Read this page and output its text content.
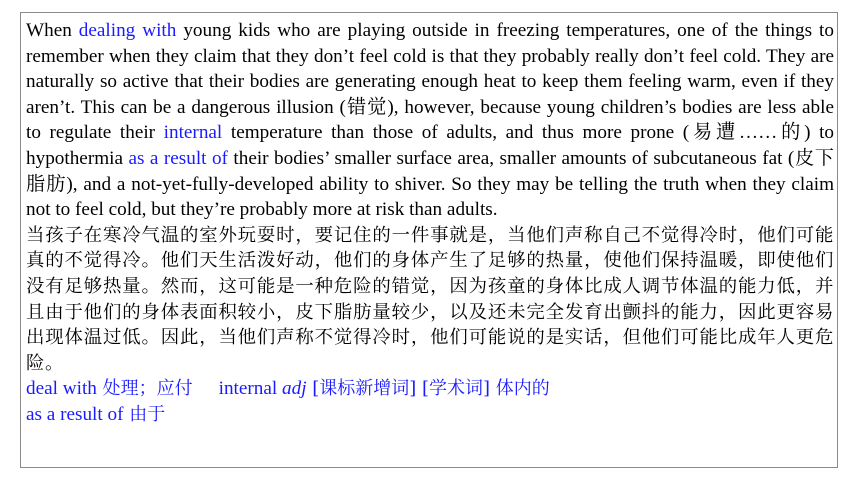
When dealing with young kids who are playing outside in freezing temperatures, one of the things to remember when they claim that they don’t feel cold is that they probably really don’t feel cold. They are naturally so active that their bodies are generating enough heat to keep them feeling warm, even if they aren’t. This can be a dangerous illusion (错觉), however, because young children’s bodies are less able to regulate their internal temperature than those of adults, and thus more prone (易遭……的) to hypothermia as a result of their bodies’ smaller surface area, smaller amounts of subcutaneous fat (皮下脂肪), and a not-yet-fully-developed ability to shiver. So they may be telling the truth when they claim not to feel cold, but they’re probably more at risk than adults.

当孩子在寒冷气温的室外玩耍时，要记住的一件事就是，当他们声称自己不觉得冷时，他们可能真的不觉得冷。他们天生活泼好动，他们的身体产生了足够的热量，使他们保持温暖，即使他们没有足够热量。然而，这可能是一种危险的错觉，因为孩童的身体比成人调节体温的能力低，并且由于他们的身体表面积较小，皮下脂肪量较少，以及还未完全发育出颤抖的能力，因此更容易出现体温过低。因此，当他们声称不觉得冷时，他们可能说的是实话，但他们可能比成年人更危险。

deal with 处理；应付 internal adj [课标新增词] [学术词] 体内的

as a result of 由于
